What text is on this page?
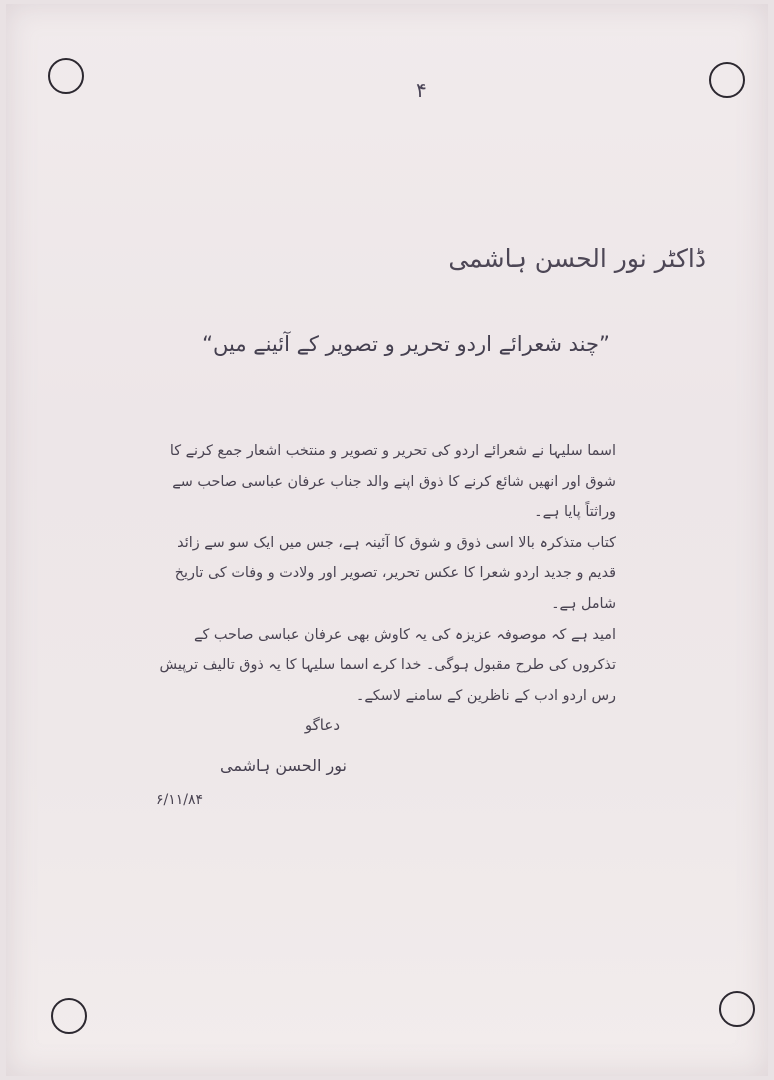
۴
ڈاکٹر نور الحسن ہاشمی
”چند شعرائے اردو تحریر و تصویر کے آئینے میں“

اسما سلیہا نے شعرائے اردو کی تحریر و تصویر و منتخب اشعار جمع کرنے کا شوق اور انھیں شائع کرنے کا ذوق اپنے والد جناب عرفان عباسی صاحب سے وراثتاً پایا ہے۔

کتاب متذکرہ بالا اسی ذوق و شوق کا آئینہ ہے، جس میں ایک سو سے زائد قدیم و جدید اردو شعرا کا عکس تحریر، تصویر اور ولادت و وفات کی تاریخ شامل ہے۔

امید ہے کہ موصوفہ عزیزہ کی یہ کاوش بھی عرفان عباسی صاحب کے تذکروں کی طرح مقبول ہوگی۔ خدا کرے اسما سلیہا کا یہ ذوق تالیف ترپیش رس اردو ادب کے ناظرین کے سامنے لاسکے۔

دعاگو
نور الحسن ہاشمی
۶/۱۱/۸۴
